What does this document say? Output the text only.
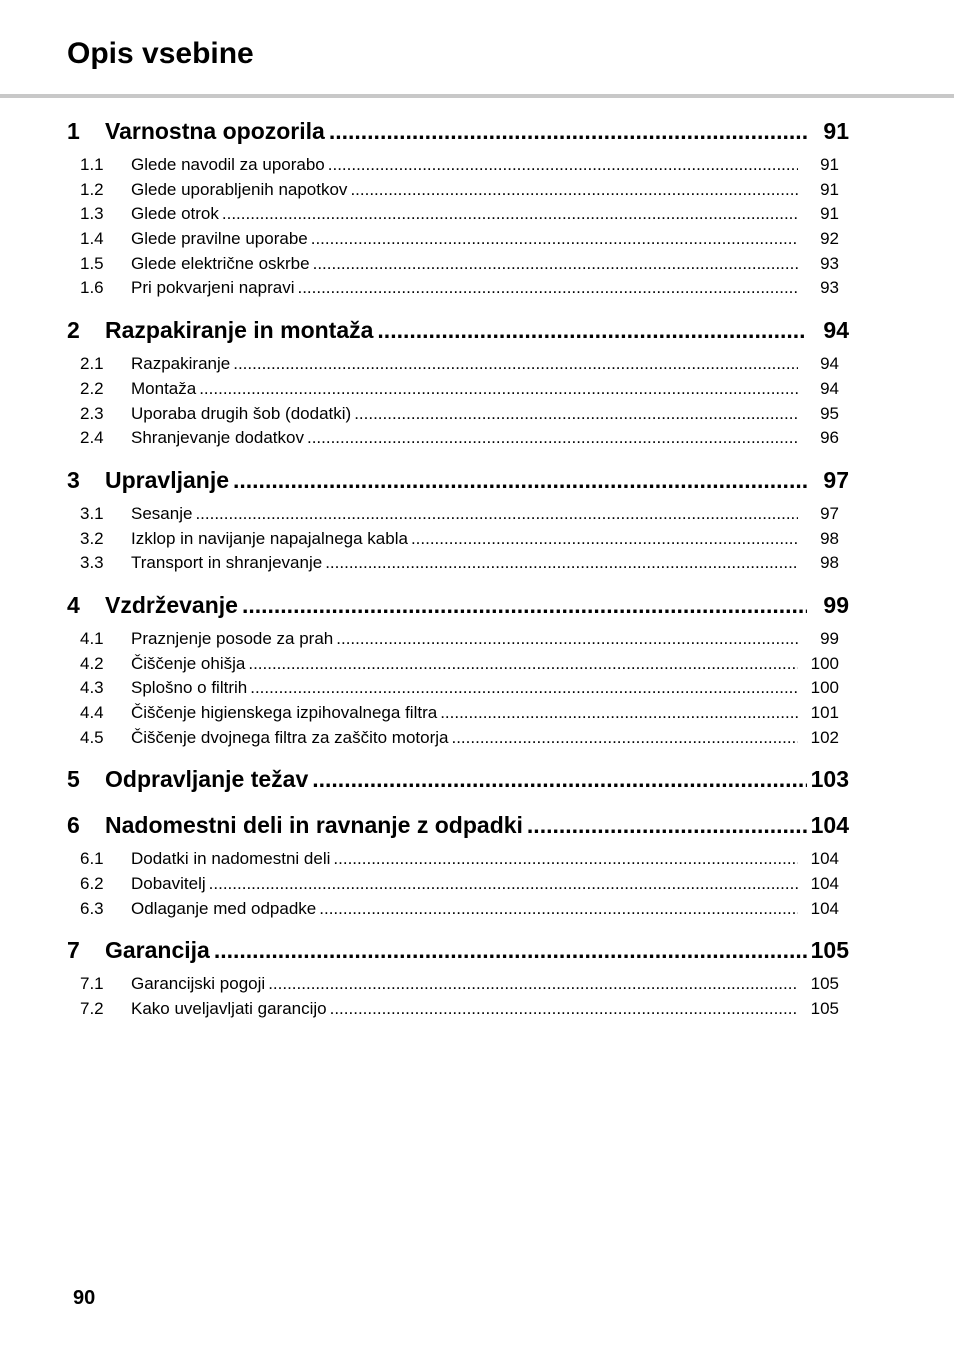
Opis vsebine
1	Varnostna opozorila .....	91
1.1	Glede navodil za uporabo .....	91
1.2	Glede uporabljenih napotkov .....	91
1.3	Glede otrok .....	91
1.4	Glede pravilne uporabe .....	92
1.5	Glede električne oskrbe .....	93
1.6	Pri pokvarjeni napravi .....	93
2	Razpakiranje in montaža .....	94
2.1	Razpakiranje .....	94
2.2	Montaža .....	94
2.3	Uporaba drugih šob (dodatki) .....	95
2.4	Shranjevanje dodatkov .....	96
3	Upravljanje .....	97
3.1	Sesanje .....	97
3.2	Izklop in navijanje napajalnega kabla .....	98
3.3	Transport in shranjevanje .....	98
4	Vzdrževanje .....	99
4.1	Praznjenje posode za prah .....	99
4.2	Čiščenje ohišja .....	100
4.3	Splošno o filtrih .....	100
4.4	Čiščenje higienskega izpihovalnega filtra .....	101
4.5	Čiščenje dvojnega filtra za zaščito motorja .....	102
5	Odpravljanje težav .....	103
6	Nadomestni deli in ravnanje z odpadki .....	104
6.1	Dodatki in nadomestni deli .....	104
6.2	Dobavitelj .....	104
6.3	Odlaganje med odpadke .....	104
7	Garancija .....	105
7.1	Garancijski pogoji .....	105
7.2	Kako uveljavljati garancijo .....	105
90
